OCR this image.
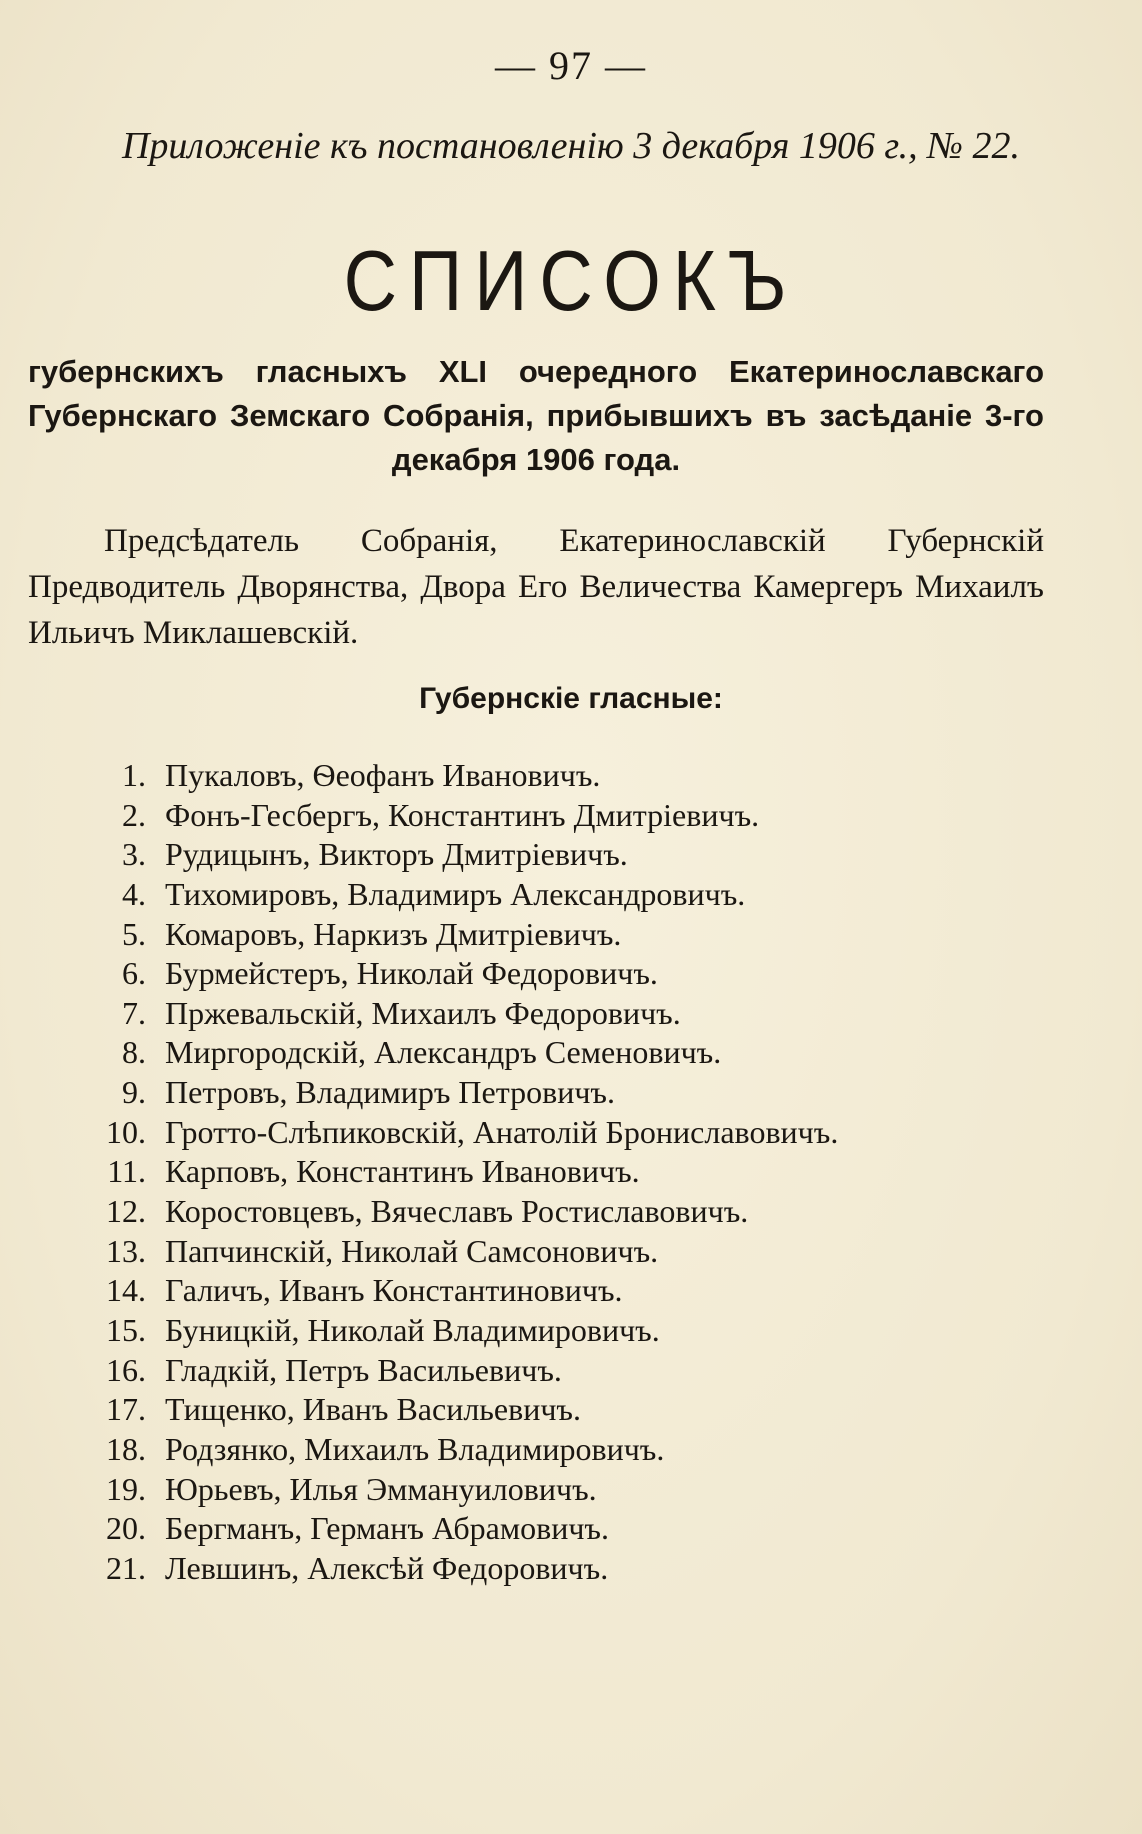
— 97 —
Приложеніе къ постановленію 3 декабря 1906 г., № 22.
СПИСОКЪ
губернскихъ гласныхъ XLI очередного Екатеринославскаго Губернскаго Земскаго Собранія, прибывшихъ въ засѣданіе 3-го декабря 1906 года.
Предсѣдатель Собранія, Екатеринославскій Губернскій Предводитель Дворянства, Двора Его Величества Камергеръ Михаилъ Ильичъ Миклашевскій.
Губернскіе гласные:
1. Пукаловъ, Ѳеофанъ Ивановичъ.
2. Фонъ-Гесбергъ, Константинъ Дмитріевичъ.
3. Рудицынъ, Викторъ Дмитріевичъ.
4. Тихомировъ, Владимиръ Александровичъ.
5. Комаровъ, Наркизъ Дмитріевичъ.
6. Бурмейстеръ, Николай Федоровичъ.
7. Пржевальскій, Михаилъ Федоровичъ.
8. Миргородскій, Александръ Семеновичъ.
9. Петровъ, Владимиръ Петровичъ.
10. Гротто-Слѣпиковскій, Анатолій Брониславовичъ.
11. Карповъ, Константинъ Ивановичъ.
12. Коростовцевъ, Вячеславъ Ростиславовичъ.
13. Папчинскій, Николай Самсоновичъ.
14. Галичъ, Иванъ Константиновичъ.
15. Буницкій, Николай Владимировичъ.
16. Гладкій, Петръ Васильевичъ.
17. Тищенко, Иванъ Васильевичъ.
18. Родзянко, Михаилъ Владимировичъ.
19. Юрьевъ, Илья Эммануиловичъ.
20. Бергманъ, Германъ Абрамовичъ.
21. Левшинъ, Алексѣй Федоровичъ.
